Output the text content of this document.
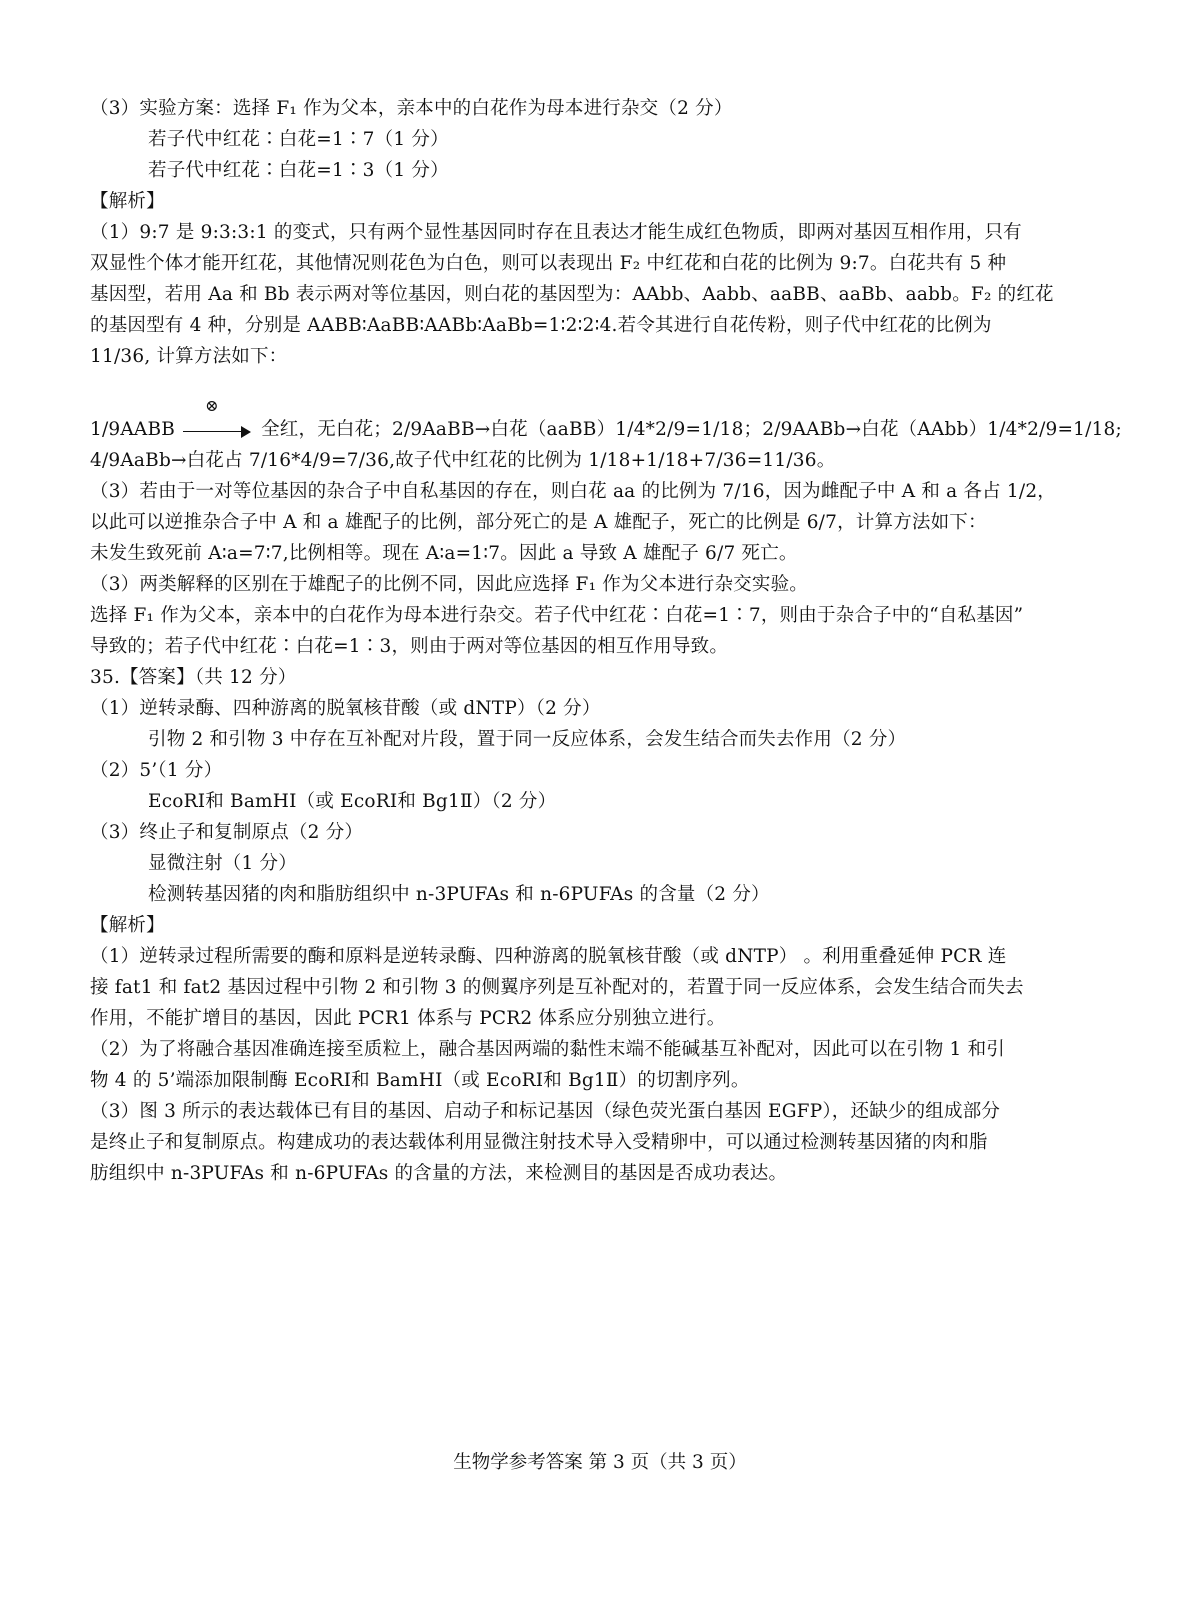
（3）实验方案：选择 F₁ 作为父本，亲本中的白花作为母本进行杂交（2 分）
若子代中红花∶白花=1∶7（1 分）
若子代中红花∶白花=1∶3（1 分）
【解析】
（1）9:7 是 9:3:3:1 的变式，只有两个显性基因同时存在且表达才能生成红色物质，即两对基因互相作用，只有
双显性个体才能开红花，其他情况则花色为白色，则可以表现出 F₂ 中红花和白花的比例为 9:7。白花共有 5 种
基因型，若用 Aa 和 Bb 表示两对等位基因，则白花的基因型为：AAbb、Aabb、aaBB、aaBb、aabb。F₂ 的红花
的基因型有 4 种，分别是 AABB∶AaBB∶AABb∶AaBb=1∶2∶2∶4.若令其进行自花传粉，则子代中红花的比例为
11/36, 计算方法如下：
1/9AABB
⊗
全红，无白花；2/9AaBB→白花（aaBB）1/4*2/9=1/18；2/9AABb→白花（AAbb）1/4*2/9=1/18;
4/9AaBb→白花占 7/16*4/9=7/36,故子代中红花的比例为 1/18+1/18+7/36=11/36。
（3）若由于一对等位基因的杂合子中自私基因的存在，则白花 aa 的比例为 7/16，因为雌配子中 A 和 a 各占 1/2，
以此可以逆推杂合子中 A 和 a 雄配子的比例，部分死亡的是 A 雄配子，死亡的比例是 6/7，计算方法如下：
未发生致死前 A∶a=7∶7,比例相等。现在 A∶a=1∶7。因此 a 导致 A 雄配子 6/7 死亡。
（3）两类解释的区别在于雄配子的比例不同，因此应选择 F₁ 作为父本进行杂交实验。
选择 F₁ 作为父本，亲本中的白花作为母本进行杂交。若子代中红花∶白花=1∶7，则由于杂合子中的“自私基因”
导致的；若子代中红花∶白花=1∶3，则由于两对等位基因的相互作用导致。
35.【答案】（共 12 分）
（1）逆转录酶、四种游离的脱氧核苷酸（或 dNTP）（2 分）
引物 2 和引物 3 中存在互补配对片段，置于同一反应体系，会发生结合而失去作用（2 分）
（2）5’（1 分）
EcoRⅠ和 BamHⅠ（或 EcoRⅠ和 Bg1Ⅱ）（2 分）
（3）终止子和复制原点（2 分）
显微注射（1 分）
检测转基因猪的肉和脂肪组织中 n-3PUFAs 和 n-6PUFAs 的含量（2 分）
【解析】
（1）逆转录过程所需要的酶和原料是逆转录酶、四种游离的脱氧核苷酸（或 dNTP） 。利用重叠延伸 PCR 连
接 fat1 和 fat2 基因过程中引物 2 和引物 3 的侧翼序列是互补配对的，若置于同一反应体系，会发生结合而失去
作用，不能扩增目的基因，因此 PCR1 体系与 PCR2 体系应分别独立进行。
（2）为了将融合基因准确连接至质粒上，融合基因两端的黏性末端不能碱基互补配对，因此可以在引物 1 和引
物 4 的 5’端添加限制酶 EcoRⅠ和 BamHⅠ（或 EcoRⅠ和 Bg1Ⅱ）的切割序列。
（3）图 3 所示的表达载体已有目的基因、启动子和标记基因（绿色荧光蛋白基因 EGFP），还缺少的组成部分
是终止子和复制原点。构建成功的表达载体利用显微注射技术导入受精卵中，可以通过检测转基因猪的肉和脂
肪组织中 n-3PUFAs 和 n-6PUFAs 的含量的方法，来检测目的基因是否成功表达。
生物学参考答案 第 3 页（共 3 页）
